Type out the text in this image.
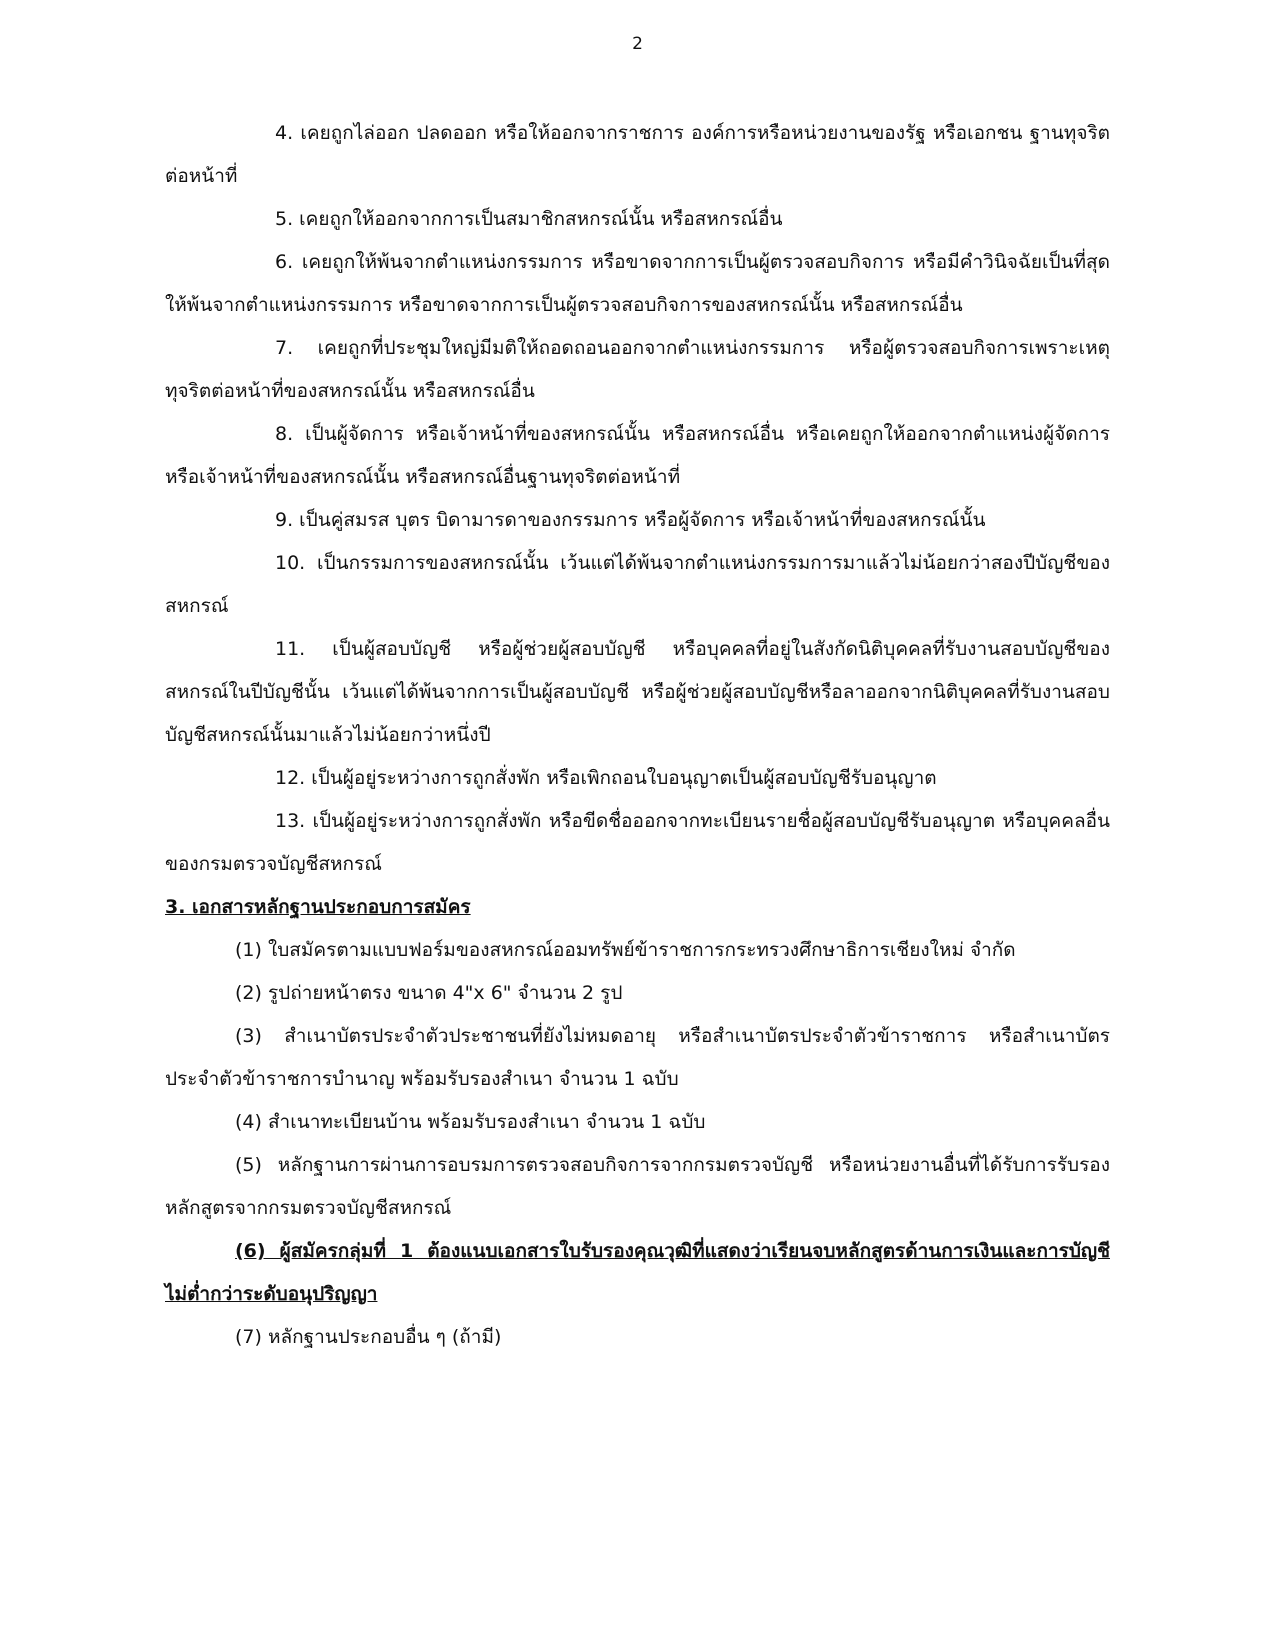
2

4. เคยถูกไล่ออก ปลดออก หรือให้ออกจากราชการ องค์การหรือหน่วยงานของรัฐ หรือเอกชน ฐานทุจริตต่อหน้าที่

5. เคยถูกให้ออกจากการเป็นสมาชิกสหกรณ์นั้น หรือสหกรณ์อื่น

6. เคยถูกให้พ้นจากตำแหน่งกรรมการ หรือขาดจากการเป็นผู้ตรวจสอบกิจการ หรือมีคำวินิจฉัยเป็นที่สุดให้พ้นจากตำแหน่งกรรมการ หรือขาดจากการเป็นผู้ตรวจสอบกิจการของสหกรณ์นั้น หรือสหกรณ์อื่น

7. เคยถูกที่ประชุมใหญ่มีมติให้ถอดถอนออกจากตำแหน่งกรรมการ หรือผู้ตรวจสอบกิจการเพราะเหตุทุจริตต่อหน้าที่ของสหกรณ์นั้น หรือสหกรณ์อื่น

8. เป็นผู้จัดการ หรือเจ้าหน้าที่ของสหกรณ์นั้น หรือสหกรณ์อื่น หรือเคยถูกให้ออกจากตำแหน่งผู้จัดการหรือเจ้าหน้าที่ของสหกรณ์นั้น หรือสหกรณ์อื่นฐานทุจริตต่อหน้าที่

9. เป็นคู่สมรส บุตร บิดามารดาของกรรมการ หรือผู้จัดการ หรือเจ้าหน้าที่ของสหกรณ์นั้น

10. เป็นกรรมการของสหกรณ์นั้น เว้นแต่ได้พ้นจากตำแหน่งกรรมการมาแล้วไม่น้อยกว่าสองปีบัญชีของสหกรณ์

11. เป็นผู้สอบบัญชี หรือผู้ช่วยผู้สอบบัญชี หรือบุคคลที่อยู่ในสังกัดนิติบุคคลที่รับงานสอบบัญชีของสหกรณ์ในปีบัญชีนั้น เว้นแต่ได้พ้นจากการเป็นผู้สอบบัญชี หรือผู้ช่วยผู้สอบบัญชีหรือลาออกจากนิติบุคคลที่รับงานสอบบัญชีสหกรณ์นั้นมาแล้วไม่น้อยกว่าหนึ่งปี

12. เป็นผู้อยู่ระหว่างการถูกสั่งพัก หรือเพิกถอนใบอนุญาตเป็นผู้สอบบัญชีรับอนุญาต

13. เป็นผู้อยู่ระหว่างการถูกสั่งพัก หรือขีดชื่อออกจากทะเบียนรายชื่อผู้สอบบัญชีรับอนุญาต หรือบุคคลอื่นของกรมตรวจบัญชีสหกรณ์

3. เอกสารหลักฐานประกอบการสมัคร

(1) ใบสมัครตามแบบฟอร์มของสหกรณ์ออมทรัพย์ข้าราชการกระทรวงศึกษาธิการเชียงใหม่ จำกัด

(2) รูปถ่ายหน้าตรง ขนาด 4"x 6" จำนวน 2 รูป

(3) สำเนาบัตรประจำตัวประชาชนที่ยังไม่หมดอายุ หรือสำเนาบัตรประจำตัวข้าราชการ หรือสำเนาบัตรประจำตัวข้าราชการบำนาญ พร้อมรับรองสำเนา จำนวน 1 ฉบับ

(4) สำเนาทะเบียนบ้าน พร้อมรับรองสำเนา จำนวน 1 ฉบับ

(5) หลักฐานการผ่านการอบรมการตรวจสอบกิจการจากกรมตรวจบัญชี หรือหน่วยงานอื่นที่ได้รับการรับรองหลักสูตรจากกรมตรวจบัญชีสหกรณ์

(6) ผู้สมัครกลุ่มที่ 1 ต้องแนบเอกสารใบรับรองคุณวุฒิที่แสดงว่าเรียนจบหลักสูตรด้านการเงินและการบัญชี ไม่ต่ำกว่าระดับอนุปริญญา

(7) หลักฐานประกอบอื่น ๆ (ถ้ามี)
